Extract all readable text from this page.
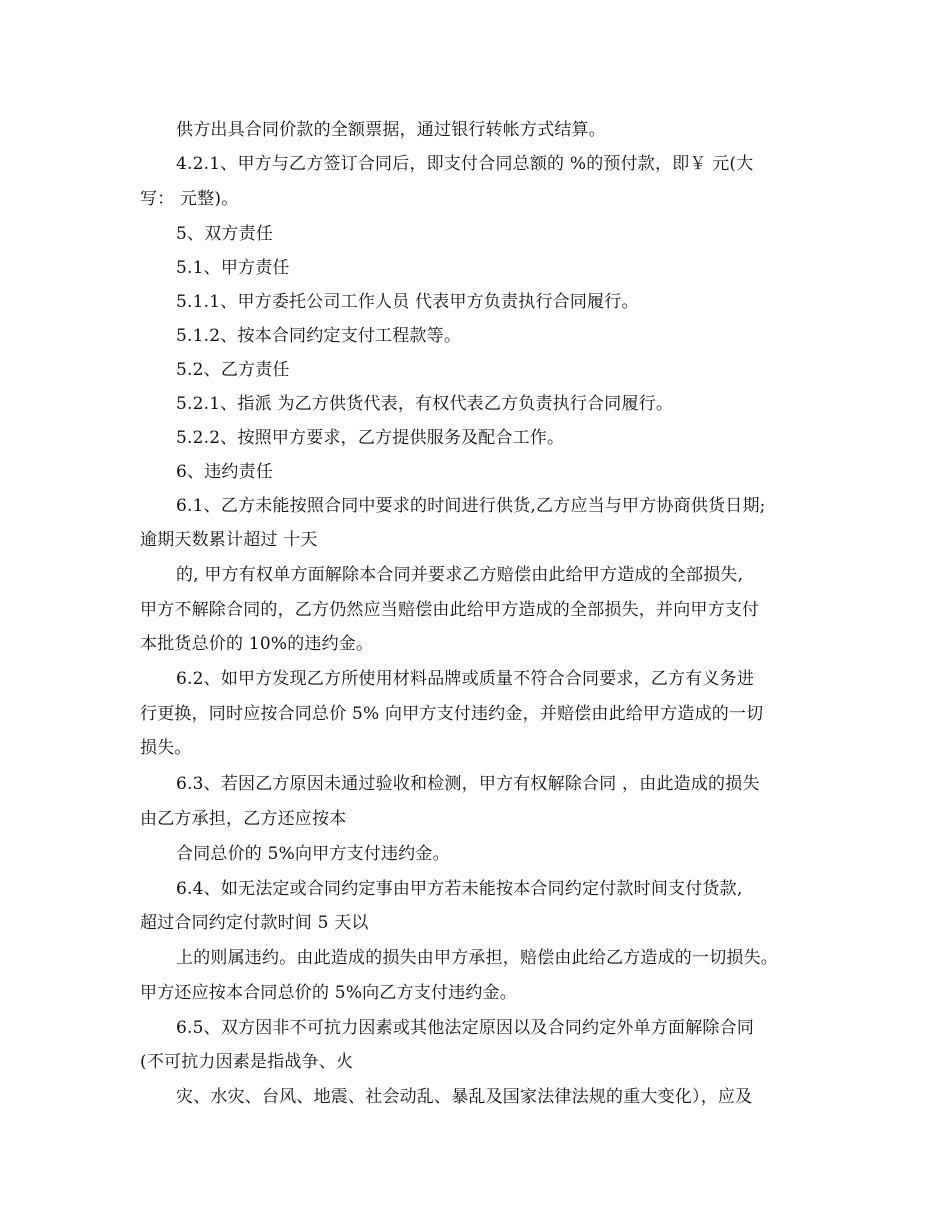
供方出具合同价款的全额票据，通过银行转帐方式结算。

4.2.1、甲方与乙方签订合同后，即支付合同总额的 %的预付款，即￥ 元(大

写： 元整)。

5、双方责任

5.1、甲方责任

5.1.1、甲方委托公司工作人员 代表甲方负责执行合同履行。

5.1.2、按本合同约定支付工程款等。

5.2、乙方责任

5.2.1、指派 为乙方供货代表，有权代表乙方负责执行合同履行。

5.2.2、按照甲方要求，乙方提供服务及配合工作。

6、违约责任

6.1、乙方未能按照合同中要求的时间进行供货,乙方应当与甲方协商供货日期;

逾期天数累计超过 十天

的, 甲方有权单方面解除本合同并要求乙方赔偿由此给甲方造成的全部损失,

甲方不解除合同的，乙方仍然应当赔偿由此给甲方造成的全部损失，并向甲方支付

本批货总价的 10%的违约金。

6.2、如甲方发现乙方所使用材料品牌或质量不符合合同要求，乙方有义务进

行更换，同时应按合同总价 5% 向甲方支付违约金，并赔偿由此给甲方造成的一切

损失。

6.3、若因乙方原因未通过验收和检测，甲方有权解除合同 ，由此造成的损失

由乙方承担，乙方还应按本

合同总价的 5%向甲方支付违约金。

6.4、如无法定或合同约定事由甲方若未能按本合同约定付款时间支付货款,

超过合同约定付款时间 5 天以

上的则属违约。由此造成的损失由甲方承担，赔偿由此给乙方造成的一切损失。

甲方还应按本合同总价的 5%向乙方支付违约金。

6.5、双方因非不可抗力因素或其他法定原因以及合同约定外单方面解除合同

(不可抗力因素是指战争、火

灾、水灾、台风、地震、社会动乱、暴乱及国家法律法规的重大变化），应及
